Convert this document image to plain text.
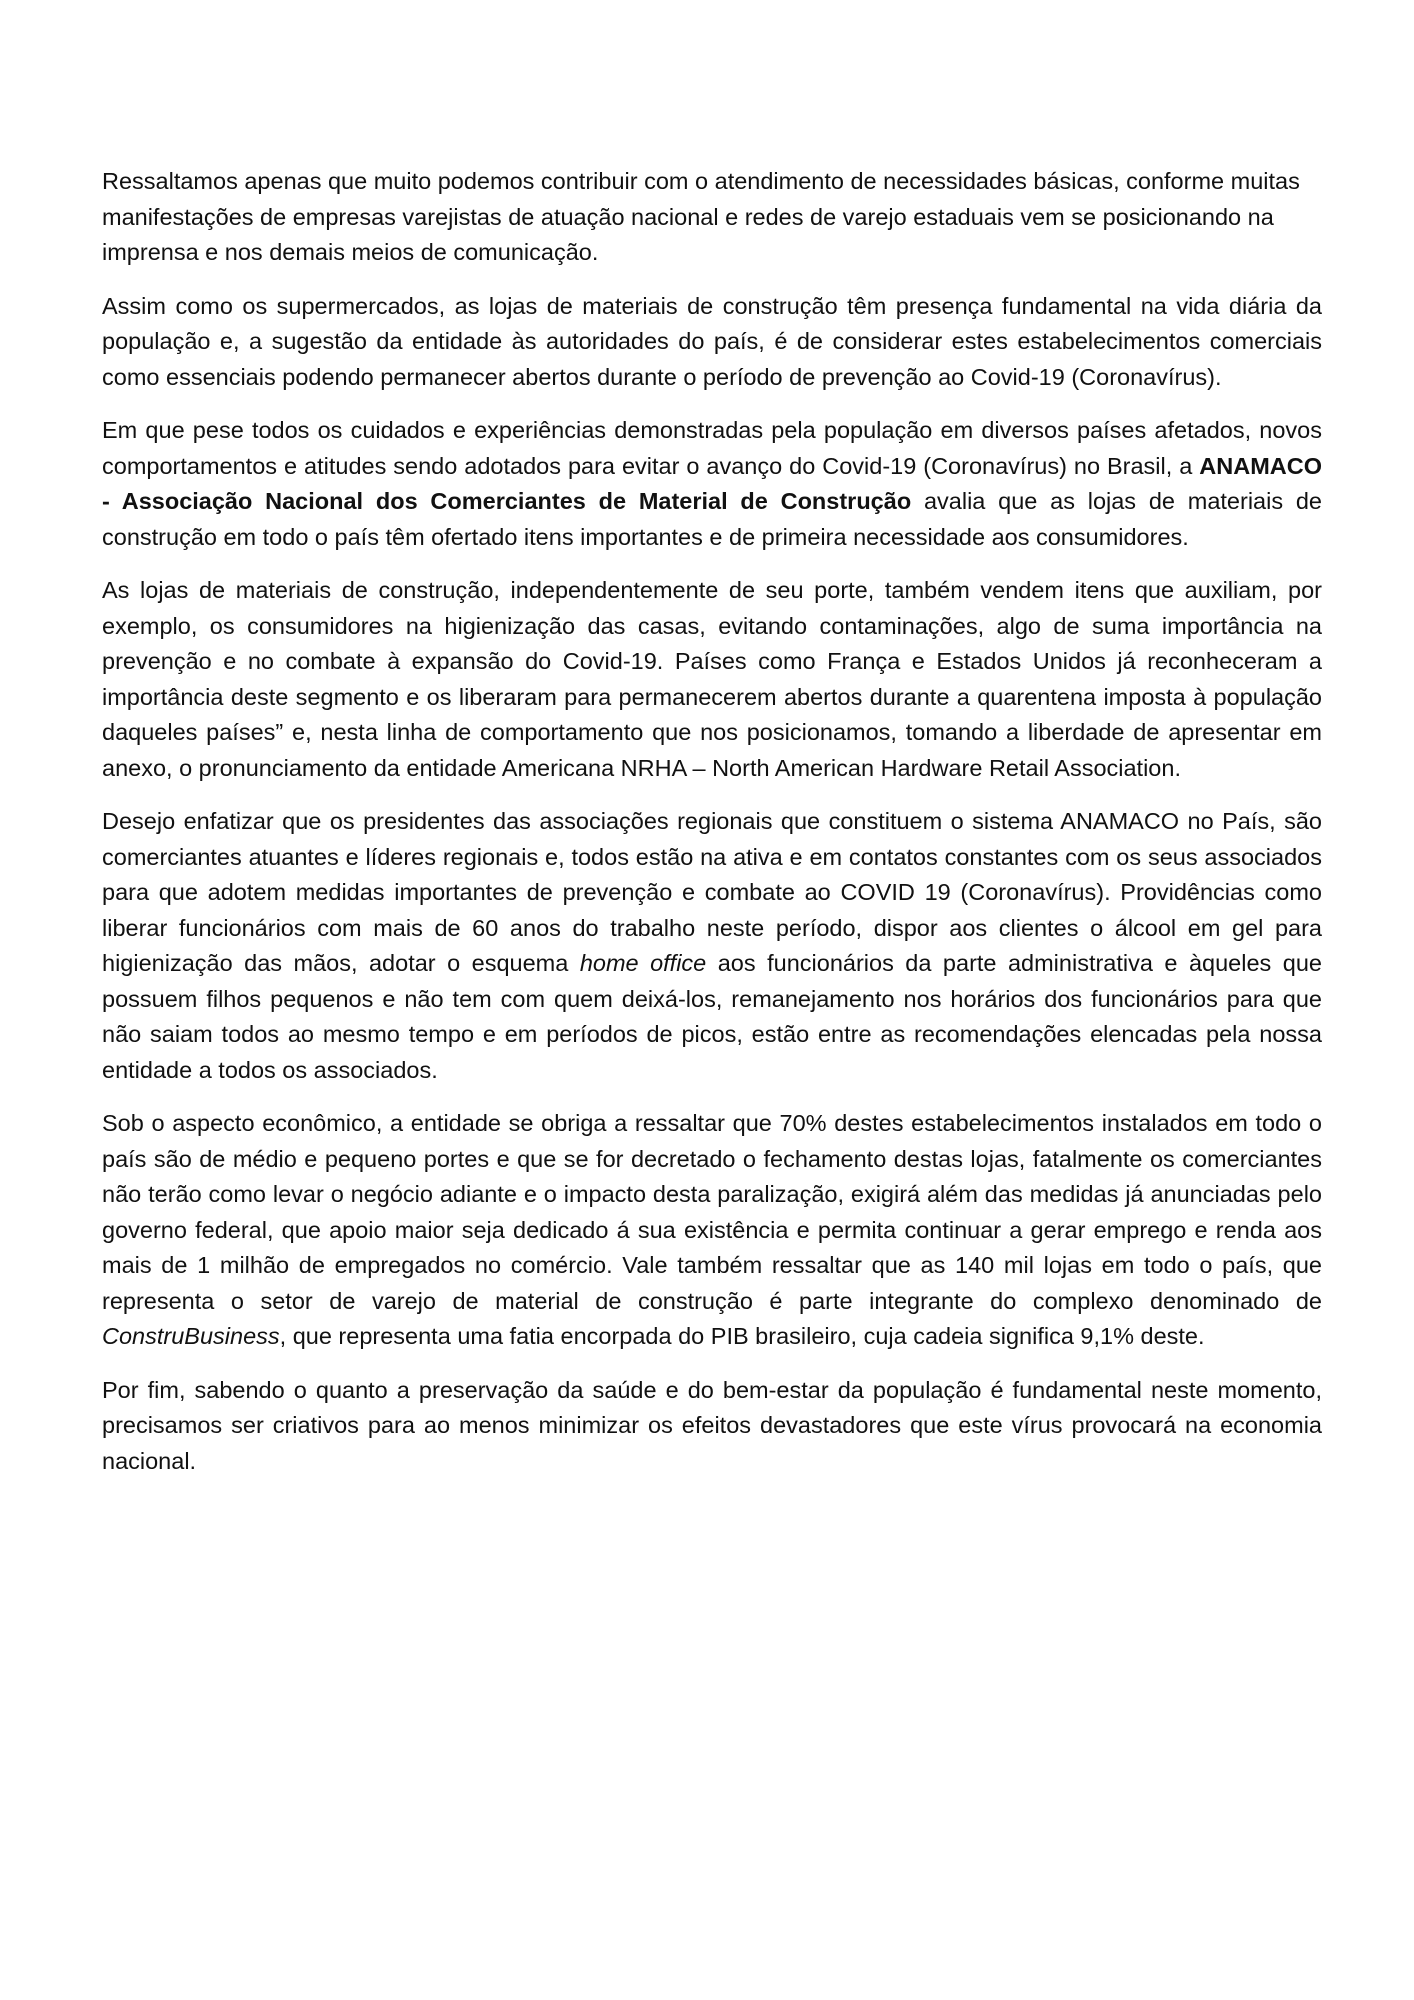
Ressaltamos apenas que muito podemos contribuir com o atendimento de necessidades básicas, conforme muitas manifestações de empresas varejistas de atuação nacional e redes de varejo estaduais vem se posicionando na imprensa e nos demais meios de comunicação.

Assim como os supermercados, as lojas de materiais de construção têm presença fundamental na vida diária da população e, a sugestão da entidade às autoridades do país, é de considerar estes estabelecimentos comerciais como essenciais podendo permanecer abertos durante o período de prevenção ao Covid-19 (Coronavírus).

Em que pese todos os cuidados e experiências demonstradas pela população em diversos países afetados, novos comportamentos e atitudes sendo adotados para evitar o avanço do Covid-19 (Coronavírus) no Brasil, a ANAMACO - Associação Nacional dos Comerciantes de Material de Construção avalia que as lojas de materiais de construção em todo o país têm ofertado itens importantes e de primeira necessidade aos consumidores.

As lojas de materiais de construção, independentemente de seu porte, também vendem itens que auxiliam, por exemplo, os consumidores na higienização das casas, evitando contaminações, algo de suma importância na prevenção e no combate à expansão do Covid-19. Países como França e Estados Unidos já reconheceram a importância deste segmento e os liberaram para permanecerem abertos durante a quarentena imposta à população daqueles países” e, nesta linha de comportamento que nos posicionamos, tomando a liberdade de apresentar em anexo, o pronunciamento da entidade Americana NRHA – North American Hardware Retail Association.

Desejo enfatizar que os presidentes das associações regionais que constituem o sistema ANAMACO no País, são comerciantes atuantes e líderes regionais e, todos estão na ativa e em contatos constantes com os seus associados para que adotem medidas importantes de prevenção e combate ao COVID 19 (Coronavírus). Providências como liberar funcionários com mais de 60 anos do trabalho neste período, dispor aos clientes o álcool em gel para higienização das mãos, adotar o esquema home office aos funcionários da parte administrativa e àqueles que possuem filhos pequenos e não tem com quem deixá-los, remanejamento nos horários dos funcionários para que não saiam todos ao mesmo tempo e em períodos de picos, estão entre as recomendações elencadas pela nossa entidade a todos os associados.

Sob o aspecto econômico, a entidade se obriga a ressaltar que 70% destes estabelecimentos instalados em todo o país são de médio e pequeno portes e que se for decretado o fechamento destas lojas, fatalmente os comerciantes não terão como levar o negócio adiante e o impacto desta paralização, exigirá além das medidas já anunciadas pelo governo federal, que apoio maior seja dedicado á sua existência e permita continuar a gerar emprego e renda aos mais de 1 milhão de empregados no comércio. Vale também ressaltar que as 140 mil lojas em todo o país, que representa o setor de varejo de material de construção é parte integrante do complexo denominado de ConstruBusiness, que representa uma fatia encorpada do PIB brasileiro, cuja cadeia significa 9,1% deste.

Por fim, sabendo o quanto a preservação da saúde e do bem-estar da população é fundamental neste momento, precisamos ser criativos para ao menos minimizar os efeitos devastadores que este vírus provocará na economia nacional.
